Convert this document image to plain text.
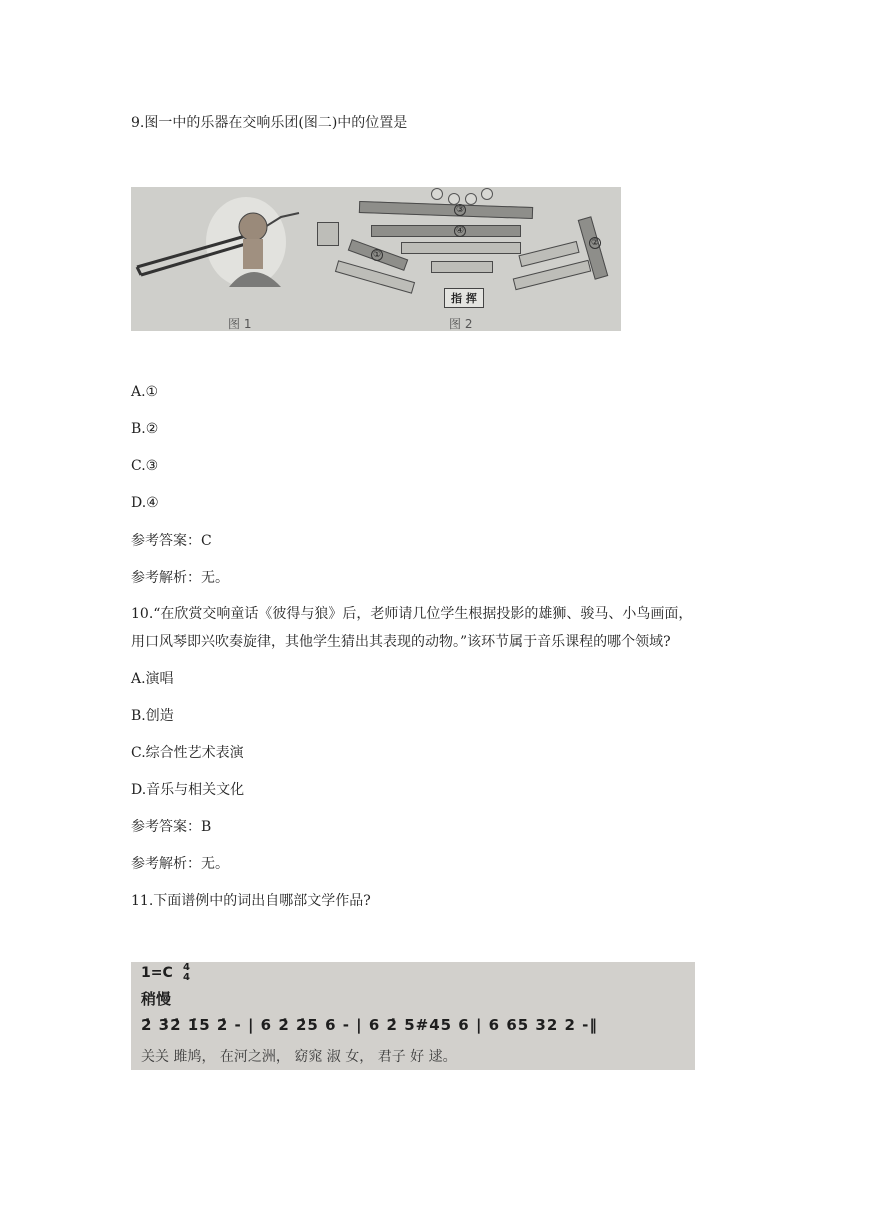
9.图一中的乐器在交响乐团(图二)中的位置是
图 1
③
④
①
②
指 挥
图 2
A.①
B.②
C.③
D.④
参考答案：C
参考解析：无。
10.“在欣赏交响童话《彼得与狼》后，老师请几位学生根据投影的雄狮、骏马、小鸟画面，
用口风琴即兴吹奏旋律，其他学生猜出其表现的动物。”该环节属于音乐课程的哪个领域?
A.演唱
B.创造
C.综合性艺术表演
D.音乐与相关文化
参考答案：B
参考解析：无。
11.下面谱例中的词出自哪部文学作品?
1=C 4
4
稍慢
2̇ 3̇2̇ 1̇5 2̇ - | 6 2̇ 2̇5 6 - | 6 2̇ 5#45 6 | 6 65 32 2 -‖
关关 雎鸠， 在河之洲， 窈窕 淑 女， 君子 好 逑。
